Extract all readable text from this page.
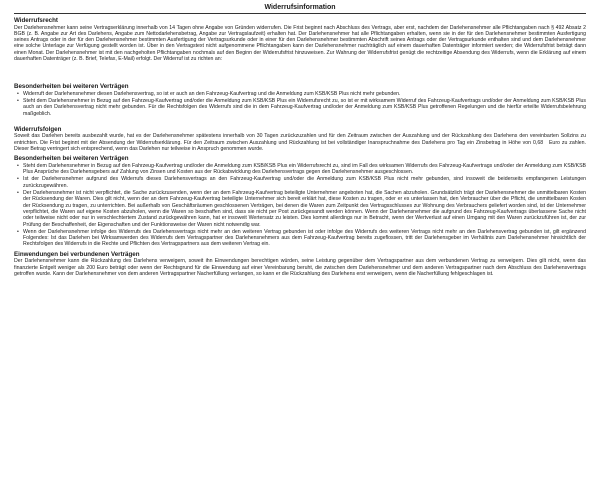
Widerrufsinformation
Widerrufsrecht

Der Darlehensnehmer kann seine Vertragserklärung innerhalb von 14 Tagen ohne Angabe von Gründen widerrufen. Die Frist beginnt nach Abschluss des Vertrags, aber erst, nachdem der Darlehensnehmer alle Pflichtangaben nach § 492 Absatz 2 BGB (z. B. Angabe zur Art des Darlehens, Angabe zum Nettodarlehensbetrag, Angabe zur Vertragslaufzeit) erhalten hat. Der Darlehensnehmer hat alle Pflichtangaben erhalten, wenn sie in der für den Darlehensnehmer bestimmten Ausfertigung seines Antrags oder in der für den Darlehensnehmer bestimmten Ausfertigung der Vertragsurkunde oder in einer für den Darlehensnehmer bestimmten Abschrift seines Antrags oder der Vertragsurkunde enthalten sind und dem Darlehensnehmer eine solche Unterlage zur Verfügung gestellt worden ist. Über in den Vertragstext nicht aufgenommene Pflichtangaben kann der Darlehensnehmer nachträglich auf einem dauerhaften Datenträger informiert werden; die Widerrufsfrist beträgt dann einen Monat. Der Darlehensnehmer ist mit den nachgeholten Pflichtangaben nochmals auf den Beginn der Widerrufsfrist hinzuweisen. Zur Wahrung der Widerrufsfrist genügt die rechtzeitige Absendung des Widerrufs, wenn die Erklärung auf einem dauerhaften Datenträger (z. B. Brief, Telefax, E-Mail) erfolgt. Der Widerruf ist zu richten an:

Besonderheiten bei weiteren Verträgen
• Widerruft der Darlehensnehmer diesen Darlehensvertrag, so ist er auch an den Fahrzeug-Kaufvertrag und die Anmeldung zum KSB/KSB Plus nicht mehr gebunden.
• Steht dem Darlehensnehmer in Bezug auf den Fahrzeug-Kaufvertrag und/oder die Anmeldung zum KSB/KSB Plus ein Widerrufsrecht zu, so ist er mit wirksamem Widerruf des Fahrzeug-Kaufvertrags und/oder der Anmeldung zum KSB/KSB Plus auch an den Darlehensvertrag nicht mehr gebunden. Für die Rechtsfolgen des Widerrufs sind die in dem Fahrzeug-Kaufvertrag und/oder der Anmeldung zum KSB/KSB Plus getroffenen Regelungen und die hierfür erteilte Widerrufsbelehrung maßgeblich.
Widerrufsfolgen

Soweit das Darlehen bereits ausbezahlt wurde, hat es der Darlehensnehmer spätestens innerhalb von 30 Tagen zurückzuzahlen und für den Zeitraum zwischen der Auszahlung und der Rückzahlung des Darlehens den vereinbarten Sollzins zu entrichten. Die Frist beginnt mit der Absendung der Widerrufserklärung. Für den Zeitraum zwischen Auszahlung und Rückzahlung ist bei vollständiger Inanspruchnahme des Darlehens pro Tag ein Zinsbetrag in Höhe von 0,68 Euro zu zahlen. Dieser Betrag verringert sich entsprechend, wenn das Darlehen nur teilweise in Anspruch genommen wurde.

Besonderheiten bei weiteren Verträgen
• Steht dem Darlehensnehmer in Bezug auf den Fahrzeug-Kaufvertrag und/oder die Anmeldung zum KSB/KSB Plus ein Widerrufsrecht zu, sind im Fall des wirksamen Widerrufs des Fahrzeug-Kaufvertrags und/oder der Anmeldung zum KSB/KSB Plus Ansprüche des Darlehensgebers auf Zahlung von Zinsen und Kosten aus der Rückabwicklung des Darlehensvertrags gegen den Darlehensnehmer ausgeschlossen.
• Ist der Darlehensnehmer aufgrund des Widerrufs dieses Darlehensvertrags an den Fahrzeug-Kaufvertrag und/oder die Anmeldung zum KSB/KSB Plus nicht mehr gebunden, sind insoweit die beiderseits empfangenen Leistungen zurückzugewähren.
• Der Darlehensnehmer ist nicht verpflichtet, die Sache zurückzusenden, wenn der an dem Fahrzeug-Kaufvertrag beteiligte Unternehmer angeboten hat, die Sachen abzuholen. Grundsätzlich trägt der Darlehensnehmer die unmittelbaren Kosten der Rücksendung der Waren. Dies gilt nicht, wenn der an dem Fahrzeug-Kaufvertrag beteiligte Unternehmer sich bereit erklärt hat, diese Kosten zu tragen, oder er es unterlassen hat, den Verbraucher über die Pflicht, die unmittelbaren Kosten der Rücksendung zu tragen, zu unterrichten. Bei außerhalb von Geschäftsräumen geschlossenen Verträgen, bei denen die Waren zum Zeitpunkt des Vertragsschlusses zur Wohnung des Verbrauchers geliefert worden sind, ist der Unternehmer verpflichtet, die Waren auf eigene Kosten abzuholen, wenn die Waren so beschaffen sind, dass sie nicht per Post zurückgesandt werden können. Wenn der Darlehensnehmer die aufgrund des Fahrzeug-Kaufvertrags überlassene Sache nicht oder teilweise nicht oder nur in verschlechtertem Zustand zurückgewähren kann, hat er insoweit Wertersatz zu leisten. Dies kommt allerdings nur in Betracht, wenn der Wertverlust auf einen Umgang mit den Waren zurückzuführen ist, der zur Prüfung der Beschaffenheit, der Eigenschaften und der Funktionsweise der Waren nicht notwendig war.
• Wenn der Darlehensnehmer infolge des Widerrufs des Darlehensvertrags nicht mehr an den weiteren Vertrag gebunden ist oder infolge des Widerrufs des weiteren Vertrags nicht mehr an den Darlehensvertrag gebunden ist, gilt ergänzend Folgendes: Ist das Darlehen bei Wirksamwerden des Widerrufs dem Vertragspartner des Darlehensnehmers aus dem Fahrzeug-Kaufvertrag bereits zugeflossen, tritt der Darlehensgeber im Verhältnis zum Darlehensnehmer hinsichtlich der Rechtsfolgen des Widerrufs in die Rechte und Pflichten des Vertragspartners aus dem weiteren Vertrag ein.
Einwendungen bei verbundenen Verträgen

Der Darlehensnehmer kann die Rückzahlung des Darlehens verweigern, soweit ihn Einwendungen berechtigen würden, seine Leistung gegenüber dem Vertragspartner aus dem verbundenen Vertrag zu verweigern. Dies gilt nicht, wenn das finanzierte Entgelt weniger als 200 Euro beträgt oder wenn der Rechtsgrund für die Einwendung auf einer Vereinbarung beruht, die zwischen dem Darlehensnehmer und dem anderen Vertragspartner nach dem Abschluss des Darlehensvertrags getroffen wurde. Kann der Darlehensnehmer von dem anderen Vertragspartner Nacherfüllung verlangen, so kann er die Rückzahlung des Darlehens erst verweigern, wenn die Nacherfüllung fehlgeschlagen ist.
